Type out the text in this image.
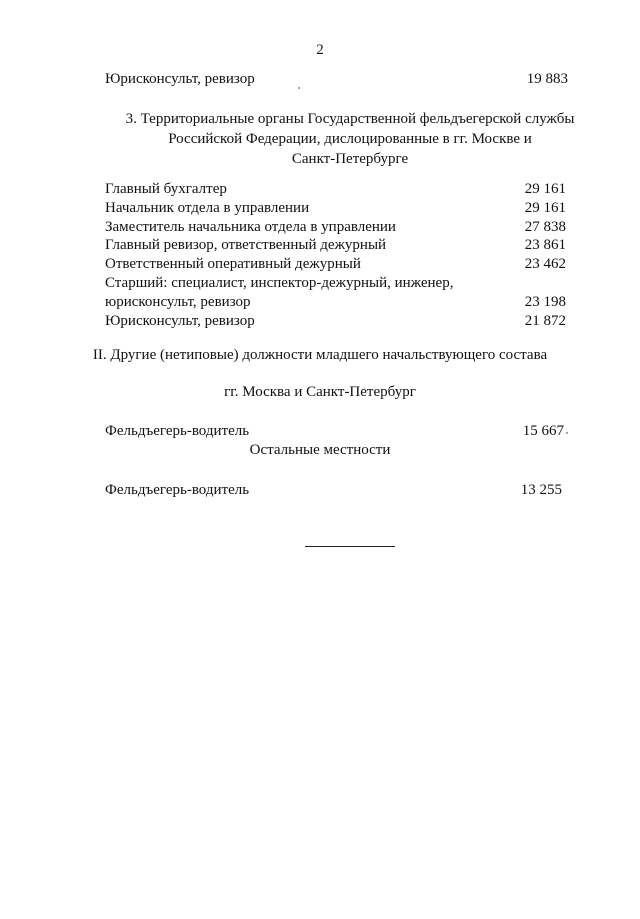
2
Юрисконсульт, ревизор	19 883
3. Территориальные органы Государственной фельдъегерской службы
Российской Федерации, дислоцированные в гг. Москве и
Санкт-Петербурге
Главный бухгалтер	29 161
Начальник отдела в управлении	29 161
Заместитель начальника отдела в управлении	27 838
Главный ревизор, ответственный дежурный	23 861
Ответственный оперативный дежурный	23 462
Старший: специалист, инспектор-дежурный, инженер,
юрисконсульт, ревизор	23 198
Юрисконсульт, ревизор	21 872
II. Другие (нетиповые) должности младшего начальствующего состава
гг. Москва и Санкт-Петербург
Фельдъегерь-водитель	15 667
Остальные местности
Фельдъегерь-водитель	13 255
